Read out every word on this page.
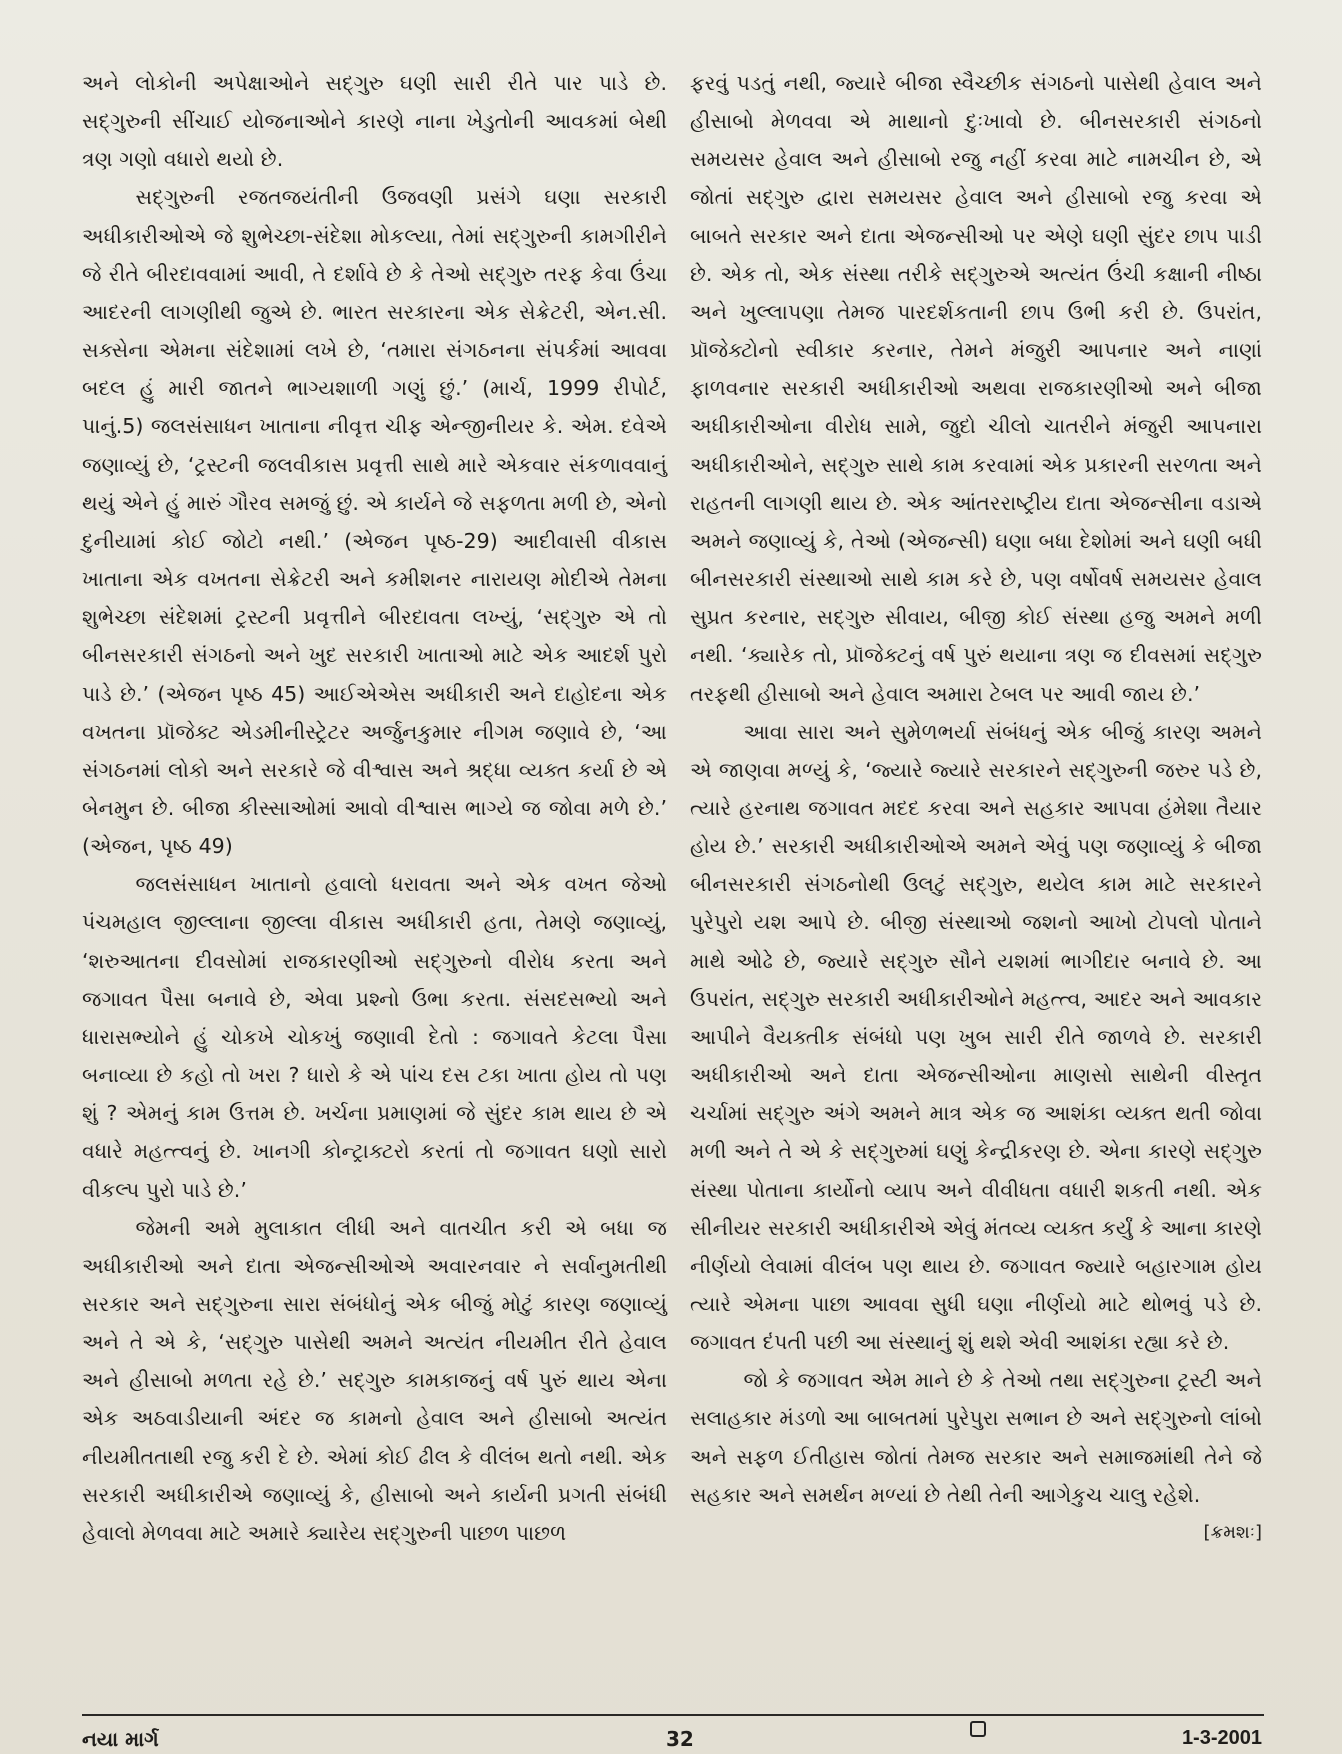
અને લોકોની અપેક્ષાઓને સદ્‌ગુરુ ઘણી સારી રીતે પાર પાડે છે. સદ્‌ગુરુની સીંચાઈ યોજનાઓને કારણે નાના ખેડુતોની આવકમાં બેથી ત્રણ ગણો વધારો થયો છે.

સદ્‌ગુરુની રજતજયંતીની ઉજવણી પ્રસંગે ઘણા સરકારી અધીકારીઓએ જે શુભેચ્છા-સંદેશા મોકલ્યા, તેમાં સદ્‌ગુરુની કામગીરીને જે રીતે બીરદાવવામાં આવી, તે દર્શાવે છે કે તેઓ સદ્‌ગુરુ તરફ કેવા ઉંચા આદરની લાગણીથી જુએ છે. ભારત સરકારના એક સેક્રેટરી, એન.સી. સક્સેના એમના સંદેશામાં લખે છે, ‘તમારા સંગઠનના સંપર્કમાં આવવા બદલ હું મારી જાતને ભાગ્યશાળી ગણું છું.’ (માર્ચ, 1999 રીપોર્ટ, પાનું.5) જલસંસાધન ખાતાના નીવૃત્ત ચીફ એન્જીનીયર કે. એમ. દવેએ જણાવ્યું છે, ‘ટ્રસ્ટની જલવીકાસ પ્રવૃત્તી સાથે મારે એકવાર સંકળાવવાનું થયું એને હું મારું ગૌરવ સમજું છું. એ કાર્યને જે સફળતા મળી છે, એનો દુનીયામાં કોઈ જોટો નથી.’ (એજન પૃષ્ઠ-29) આદીવાસી વીકાસ ખાતાના એક વખતના સેક્રેટરી અને કમીશનર નારાયણ મોદીએ તેમના શુભેચ્છા સંદેશમાં ટ્રસ્ટની પ્રવૃત્તીને બીરદાવતા લખ્યું, ‘સદ્‌ગુરુ એ તો બીનસરકારી સંગઠનો અને ખુદ સરકારી ખાતાઓ માટે એક આદર્શ પુરો પાડે છે.’ (એજન પૃષ્ઠ 45) આઈએએસ અધીકારી અને દાહોદના એક વખતના પ્રૉજેક્ટ એડમીનીસ્ટ્રેટર અર્જુનકુમાર નીગમ જણાવે છે, ‘આ સંગઠનમાં લોકો અને સરકારે જે વીશ્વાસ અને શ્રદ્ધા વ્યક્ત કર્યા છે એ બેનમુન છે. બીજા કીસ્સાઓમાં આવો વીશ્વાસ ભાગ્યે જ જોવા મળે છે.’ (એજન, પૃષ્ઠ 49)

જલસંસાધન ખાતાનો હવાલો ધરાવતા અને એક વખત જેઓ પંચમહાલ જીલ્લાના જીલ્લા વીકાસ અધીકારી હતા, તેમણે જણાવ્યું, ‘શરુઆતના દીવસોમાં રાજકારણીઓ સદ્‌ગુરુનો વીરોધ કરતા અને જગાવત પૈસા બનાવે છે, એવા પ્રશ્નો ઉભા કરતા. સંસદસભ્યો અને ધારાસભ્યોને હું ચોકખે ચોકખું જણાવી દેતો : જગાવતે કેટલા પૈસા બનાવ્યા છે કહો તો ખરા ? ધારો કે એ પાંચ દસ ટકા ખાતા હોય તો પણ શું ? એમનું કામ ઉત્તમ છે. ખર્ચના પ્રમાણમાં જે સુંદર કામ થાય છે એ વધારે મહત્ત્વનું છે. ખાનગી કોન્ટ્રાક્ટરો કરતાં તો જગાવત ઘણો સારો વીકલ્પ પુરો પાડે છે.’

જેમની અમે મુલાકાત લીધી અને વાતચીત કરી એ બધા જ અધીકારીઓ અને દાતા એજન્સીઓએ અવારનવાર ને સર્વાનુમતીથી સરકાર અને સદ્‌ગુરુના સારા સંબંધોનું એક બીજું મોટું કારણ જણાવ્યું અને તે એ કે, ‘સદ્‌ગુરુ પાસેથી અમને અત્યંત નીયમીત રીતે હેવાલ અને હીસાબો મળતા રહે છે.’ સદ્‌ગુરુ કામકાજનું વર્ષ પુરું થાય એના એક અઠવાડીયાની અંદર જ કામનો હેવાલ અને હીસાબો અત્યંત નીયમીતતાથી રજુ કરી દે છે. એમાં કોઈ ઢીલ કે વીલંબ થતો નથી. એક સરકારી અધીકારીએ જણાવ્યું કે, હીસાબો અને કાર્યની પ્રગતી સંબંધી હેવાલો મેળવવા માટે અમારે ક્યારેય સદ્‌ગુરુની પાછળ પાછળ

ફરવું પડતું નથી, જ્યારે બીજા સ્વૈચ્છીક સંગઠનો પાસેથી હેવાલ અને હીસાબો મેળવવા એ માથાનો દુઃખાવો છે. બીનસરકારી સંગઠનો સમયસર હેવાલ અને હીસાબો રજુ નહીં કરવા માટે નામચીન છે, એ જોતાં સદ્‌ગુરુ દ્વારા સમયસર હેવાલ અને હીસાબો રજુ કરવા એ બાબતે સરકાર અને દાતા એજન્સીઓ પર એણે ઘણી સુંદર છાપ પાડી છે. એક તો, એક સંસ્થા તરીકે સદ્‌ગુરુએ અત્યંત ઉંચી કક્ષાની નીષ્ઠા અને ખુલ્લાપણા તેમજ પારદર્શકતાની છાપ ઉભી કરી છે. ઉપરાંત, પ્રૉજેક્ટોનો સ્વીકાર કરનાર, તેમને મંજુરી આપનાર અને નાણાં ફાળવનાર સરકારી અધીકારીઓ અથવા રાજકારણીઓ અને બીજા અધીકારીઓના વીરોધ સામે, જુદો ચીલો ચાતરીને મંજુરી આપનારા અધીકારીઓને, સદ્‌ગુરુ સાથે કામ કરવામાં એક પ્રકારની સરળતા અને રાહતની લાગણી થાય છે. એક આંતરરાષ્ટ્રીય દાતા એજન્સીના વડાએ અમને જણાવ્યું કે, તેઓ (એજન્સી) ઘણા બધા દેશોમાં અને ઘણી બધી બીનસરકારી સંસ્થાઓ સાથે કામ કરે છે, પણ વર્ષોવર્ષ સમયસર હેવાલ સુપ્રત કરનાર, સદ્‌ગુરુ સીવાય, બીજી કોઈ સંસ્થા હજુ અમને મળી નથી. ‘ક્યારેક તો, પ્રૉજેક્ટનું વર્ષ પુરું થયાના ત્રણ જ દીવસમાં સદ્‌ગુરુ તરફથી હીસાબો અને હેવાલ અમારા ટેબલ પર આવી જાય છે.’

આવા સારા અને સુમેળભર્યા સંબંધનું એક બીજું કારણ અમને એ જાણવા મળ્યું કે, ‘જ્યારે જ્યારે સરકારને સદ્‌ગુરુની જરુર પડે છે, ત્યારે હરનાથ જગાવત મદદ કરવા અને સહકાર આપવા હંમેશા તૈયાર હોય છે.’ સરકારી અધીકારીઓએ અમને એવું પણ જણાવ્યું કે બીજા બીનસરકારી સંગઠનોથી ઉલટું સદ્‌ગુરુ, થયેલ કામ માટે સરકારને પુરેપુરો યશ આપે છે. બીજી સંસ્થાઓ જશનો આખો ટોપલો પોતાને માથે ઓઢે છે, જ્યારે સદ્‌ગુરુ સૌને યશમાં ભાગીદાર બનાવે છે. આ ઉપરાંત, સદ્‌ગુરુ સરકારી અધીકારીઓને મહત્ત્વ, આદર અને આવકાર આપીને વૈયક્તીક સંબંધો પણ ખુબ સારી રીતે જાળવે છે. સરકારી અધીકારીઓ અને દાતા એજન્સીઓના માણસો સાથેની વીસ્તૃત ચર્ચામાં સદ્‌ગુરુ અંગે અમને માત્ર એક જ આશંકા વ્યક્ત થતી જોવા મળી અને તે એ કે સદ્‌ગુરુમાં ઘણું કેન્દ્રીકરણ છે. એના કારણે સદ્‌ગુરુ સંસ્થા પોતાના કાર્યોનો વ્યાપ અને વીવીધતા વધારી શકતી નથી. એક સીનીયર સરકારી અધીકારીએ એવું મંતવ્ય વ્યક્ત કર્યું કે આના કારણે નીર્ણયો લેવામાં વીલંબ પણ થાય છે. જગાવત જ્યારે બહારગામ હોય ત્યારે એમના પાછા આવવા સુધી ઘણા નીર્ણયો માટે થોભવું પડે છે. જગાવત દંપતી પછી આ સંસ્થાનું શું થશે એવી આશંકા રહ્યા કરે છે.

જો કે જગાવત એમ માને છે કે તેઓ તથા સદ્‌ગુરુના ટ્રસ્ટી અને સલાહકાર મંડળો આ બાબતમાં પુરેપુરા સભાન છે અને સદ્‌ગુરુનો લાંબો અને સફળ ઈતીહાસ જોતાં તેમજ સરકાર અને સમાજમાંથી તેને જે સહકાર અને સમર્થન મળ્યાં છે તેથી તેની આગેકુચ ચાલુ રહેશે.

[ક્રમશઃ]

નયા માર્ગ	32	1-3-2001
